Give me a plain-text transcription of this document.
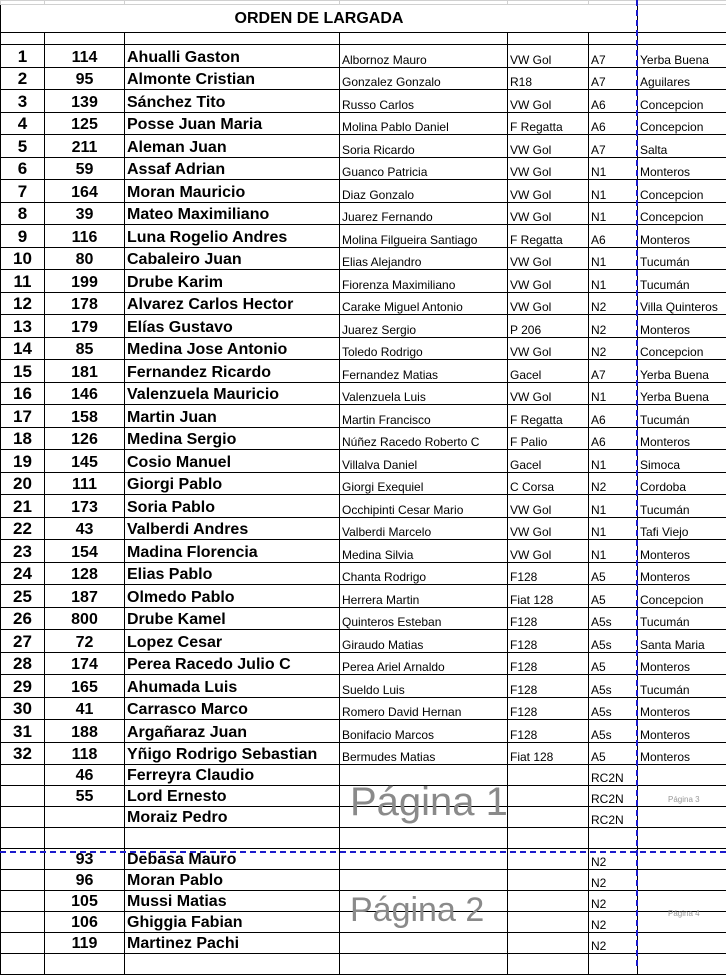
ORDEN DE LARGADA						

1	114	Ahualli Gaston	Albornoz Mauro	VW Gol	A7	Yerba Buena
2	95	Almonte Cristian	Gonzalez Gonzalo	R18	A7	Aguilares
3	139	Sánchez Tito	Russo Carlos	VW Gol	A6	Concepcion
4	125	Posse Juan Maria	Molina Pablo Daniel	F Regatta	A6	Concepcion
5	211	Aleman Juan	Soria Ricardo	VW Gol	A7	Salta
6	59	Assaf Adrian	Guanco Patricia	VW Gol	N1	Monteros
7	164	Moran Mauricio	Diaz Gonzalo	VW Gol	N1	Concepcion
8	39	Mateo Maximiliano	Juarez Fernando	VW Gol	N1	Concepcion
9	116	Luna Rogelio Andres	Molina Filgueira Santiago	F Regatta	A6	Monteros
10	80	Cabaleiro Juan	Elias Alejandro	VW Gol	N1	Tucumán
11	199	Drube Karim	Fiorenza Maximiliano	VW Gol	N1	Tucumán
12	178	Alvarez Carlos Hector	Carake Miguel Antonio	VW Gol	N2	Villa Quinteros
13	179	Elías Gustavo	Juarez Sergio	P 206	N2	Monteros
14	85	Medina Jose Antonio	Toledo Rodrigo	VW Gol	N2	Concepcion
15	181	Fernandez Ricardo	Fernandez Matias	Gacel	A7	Yerba Buena
16	146	Valenzuela Mauricio	Valenzuela Luis	VW Gol	N1	Yerba Buena
17	158	Martin Juan	Martin Francisco	F Regatta	A6	Tucumán
18	126	Medina Sergio	Núñez Racedo Roberto C	F Palio	A6	Monteros
19	145	Cosio Manuel	Villalva Daniel	Gacel	N1	Simoca
20	111	Giorgi Pablo	Giorgi Exequiel	C Corsa	N2	Cordoba
21	173	Soria Pablo	Occhipinti Cesar Mario	VW Gol	N1	Tucumán
22	43	Valberdi Andres	Valberdi Marcelo	VW Gol	N1	Tafi Viejo
23	154	Madina Florencia	Medina Silvia	VW Gol	N1	Monteros
24	128	Elias Pablo	Chanta Rodrigo	F128	A5	Monteros
25	187	Olmedo Pablo	Herrera Martin	Fiat 128	A5	Concepcion
26	800	Drube Kamel	Quinteros Esteban	F128	A5s	Tucumán
27	72	Lopez Cesar	Giraudo Matias	F128	A5s	Santa Maria
28	174	Perea Racedo Julio C	Perea Ariel Arnaldo	F128	A5	Monteros
29	165	Ahumada Luis	Sueldo Luis	F128	A5s	Tucumán
30	41	Carrasco Marco	Romero David Hernan	F128	A5s	Monteros
31	188	Argañaraz Juan	Bonifacio Marcos	F128	A5s	Monteros
32	118	Yñigo Rodrigo Sebastian	Bermudes Matias	Fiat 128	A5	Monteros
	46	Ferreyra Claudio			RC2N	
	55	Lord Ernesto			RC2N	
		Moraiz Pedro			RC2N	

	93	Debasa Mauro			N2	
	96	Moran Pablo			N2	
	105	Mussi Matias			N2	
	106	Ghiggia Fabian			N2	
	119	Martinez Pachi			N2	

Página 1
Página 2
Página 3
Página 4
